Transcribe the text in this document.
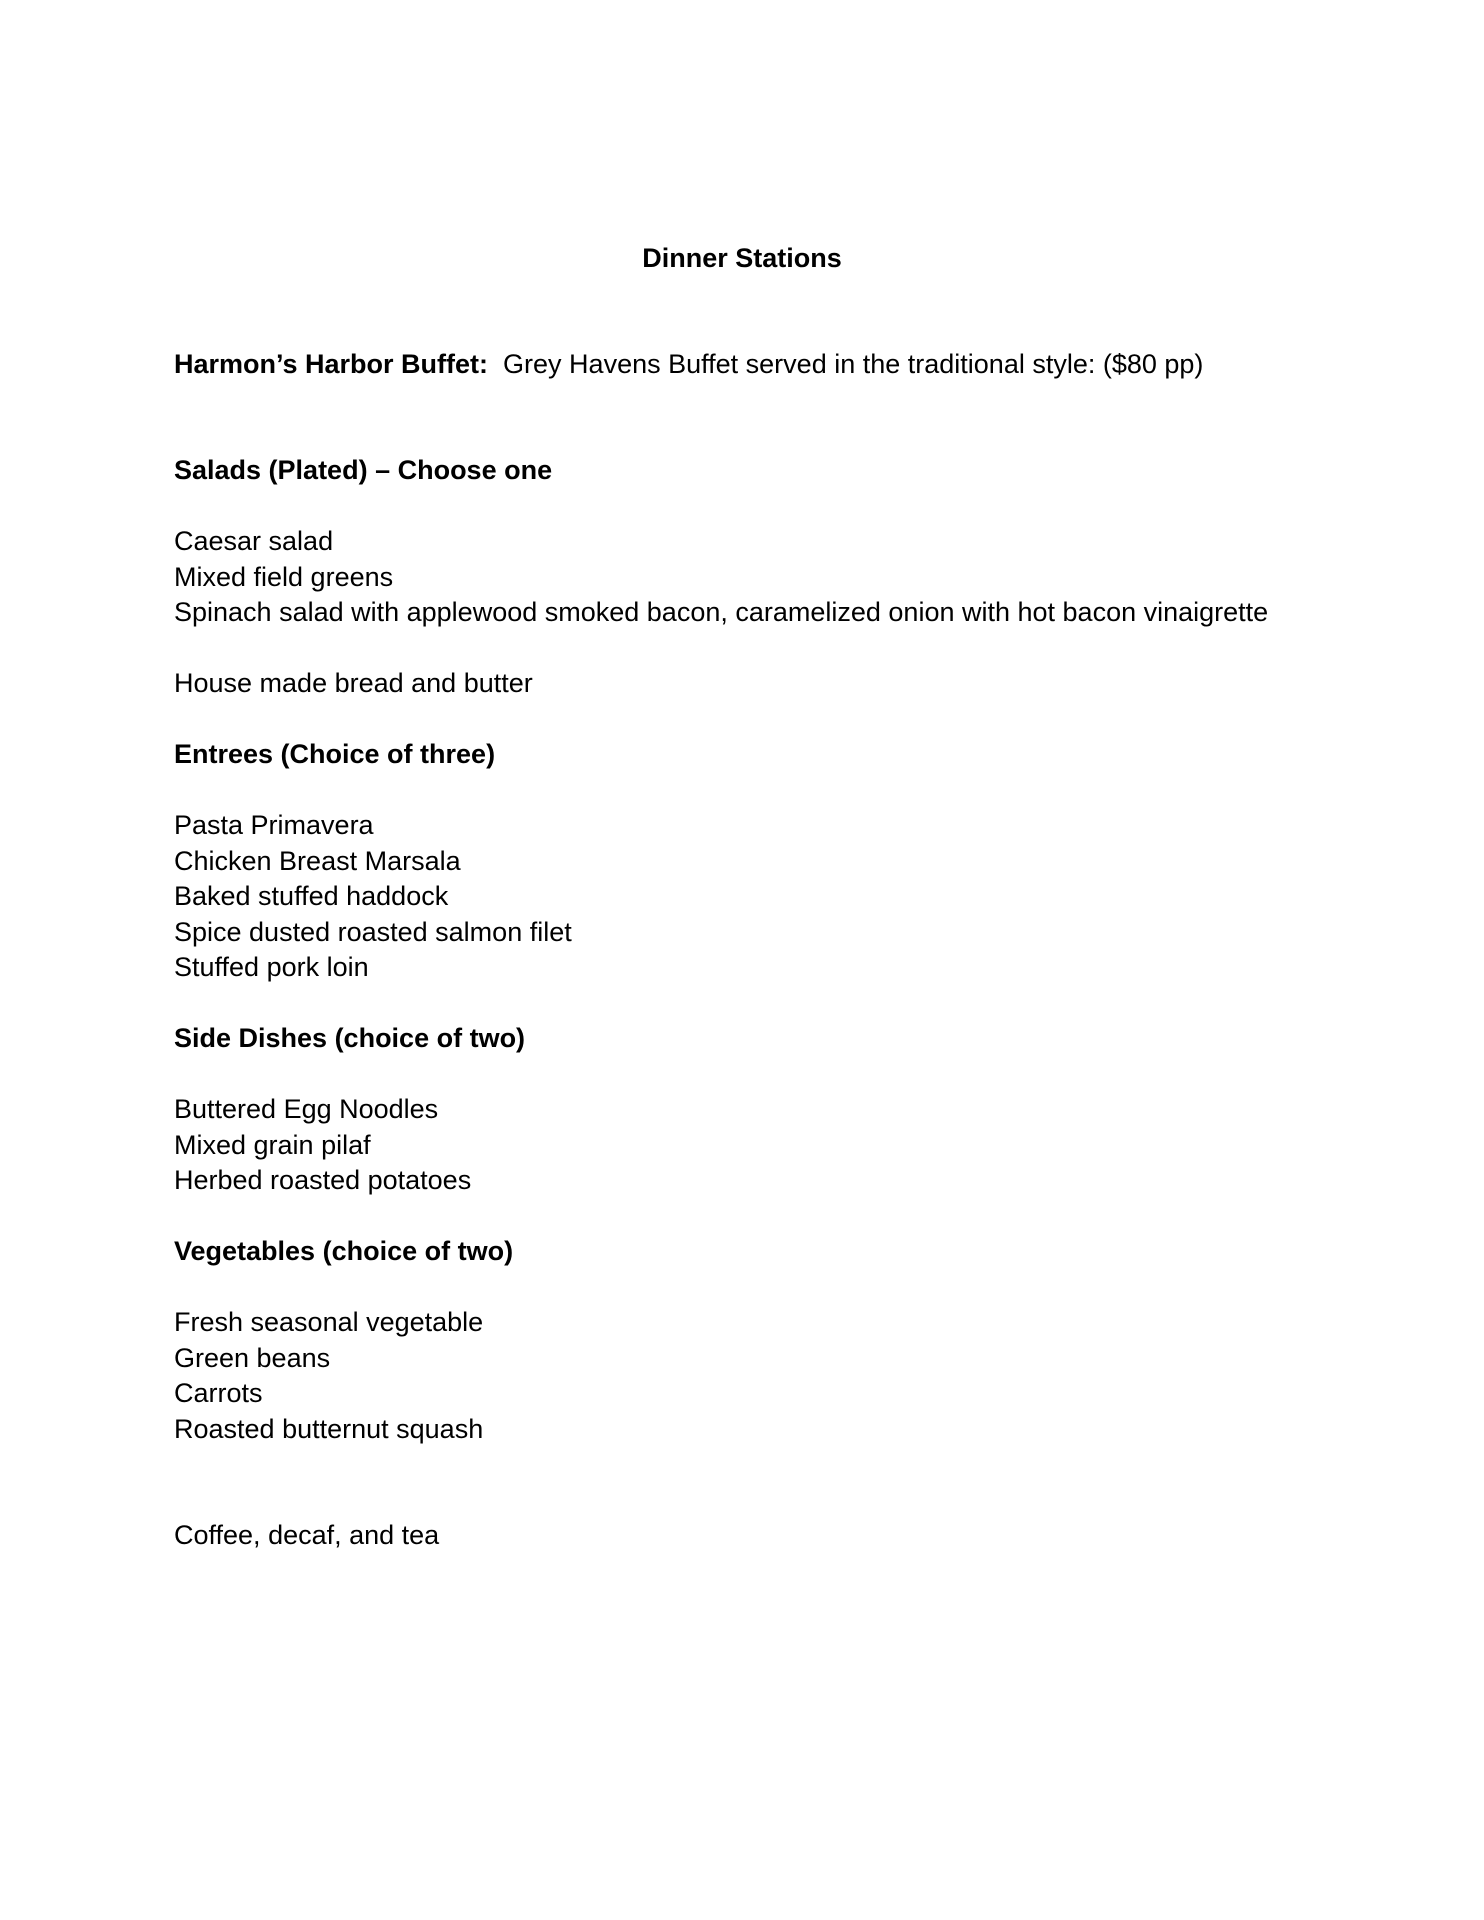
Dinner Stations
Harmon’s Harbor Buffet: Grey Havens Buffet served in the traditional style: ($80 pp)
Salads (Plated) – Choose one
Caesar salad
Mixed field greens
Spinach salad with applewood smoked bacon, caramelized onion with hot bacon vinaigrette
House made bread and butter
Entrees (Choice of three)
Pasta Primavera
Chicken Breast Marsala
Baked stuffed haddock
Spice dusted roasted salmon filet
Stuffed pork loin
Side Dishes (choice of two)
Buttered Egg Noodles
Mixed grain pilaf
Herbed roasted potatoes
Vegetables (choice of two)
Fresh seasonal vegetable
Green beans
Carrots
Roasted butternut squash
Coffee, decaf, and tea
